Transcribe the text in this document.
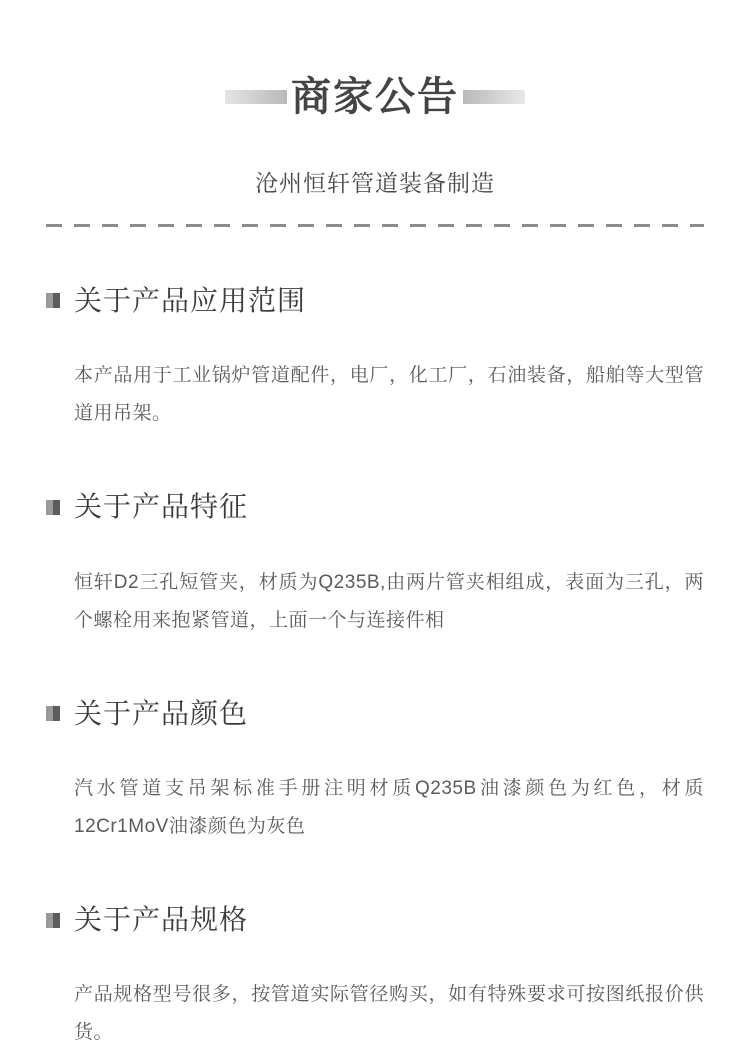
商家公告
沧州恒轩管道装备制造
关于产品应用范围

本产品用于工业锅炉管道配件，电厂，化工厂，石油装备，船舶等大型管道用吊架。

关于产品特征

恒轩D2三孔短管夹，材质为Q235B,由两片管夹相组成，表面为三孔，两个螺栓用来抱紧管道，上面一个与连接件相

关于产品颜色

汽水管道支吊架标准手册注明材质Q235B油漆颜色为红色，材质12Cr1MoV油漆颜色为灰色

关于产品规格

产品规格型号很多，按管道实际管径购买，如有特殊要求可按图纸报价供货。
